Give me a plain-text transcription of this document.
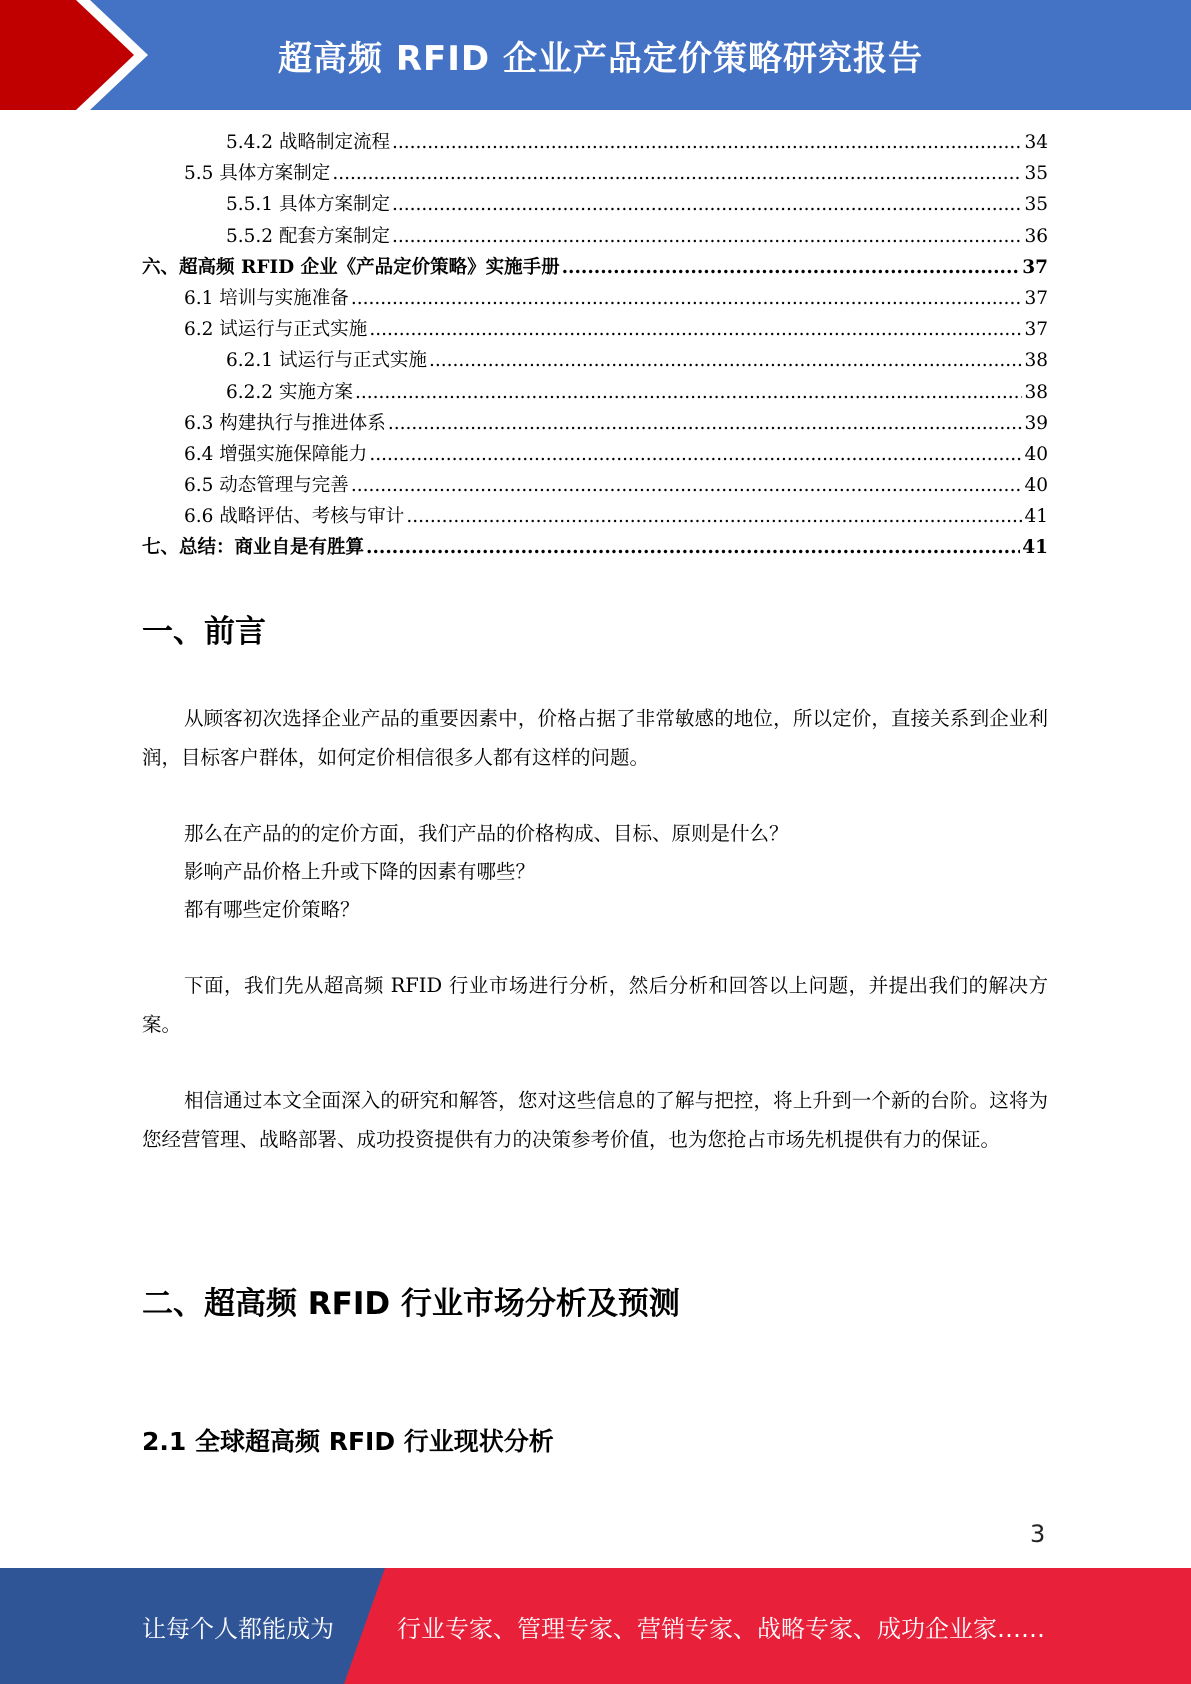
超高频 RFID 企业产品定价策略研究报告
5.4.2 战略制定流程 .....	34
5.5 具体方案制定 .....	35
5.5.1 具体方案制定 .....	35
5.5.2 配套方案制定 .....	36
六、超高频 RFID 企业《产品定价策略》实施手册 .....	37
6.1 培训与实施准备 .....	37
6.2 试运行与正式实施 .....	37
6.2.1 试运行与正式实施 .....	38
6.2.2 实施方案 .....	38
6.3 构建执行与推进体系 .....	39
6.4 增强实施保障能力 .....	40
6.5 动态管理与完善 .....	40
6.6 战略评估、考核与审计 .....	41
七、总结：商业自是有胜算 .....	41
一、前言

从顾客初次选择企业产品的重要因素中，价格占据了非常敏感的地位，所以定价，直接关系到企业利润，目标客户群体，如何定价相信很多人都有这样的问题。

那么在产品的的定价方面，我们产品的价格构成、目标、原则是什么？
影响产品价格上升或下降的因素有哪些？
都有哪些定价策略？

下面，我们先从超高频 RFID 行业市场进行分析，然后分析和回答以上问题，并提出我们的解决方案。

相信通过本文全面深入的研究和解答，您对这些信息的了解与把控，将上升到一个新的台阶。这将为您经营管理、战略部署、成功投资提供有力的决策参考价值，也为您抢占市场先机提供有力的保证。

二、超高频 RFID 行业市场分析及预测
2.1 全球超高频 RFID 行业现状分析
3
让每个人都能成为	行业专家、管理专家、营销专家、战略专家、成功企业家……
